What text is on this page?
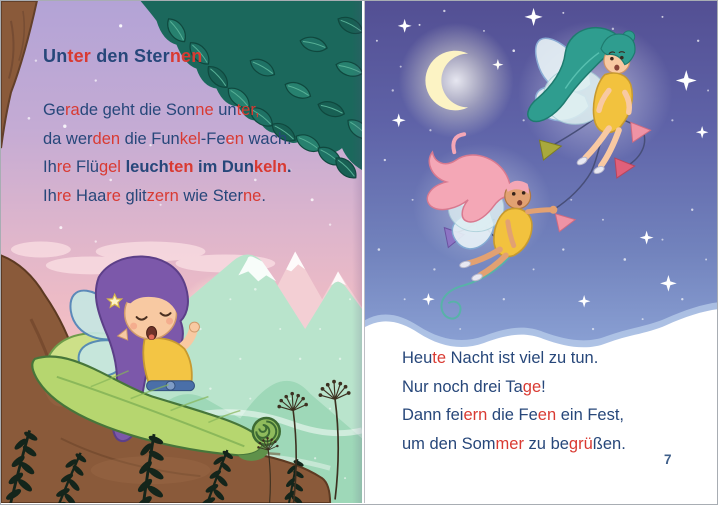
Unter den Sternen

Gerade geht die Sonne unter,

da werden die Funkel-Feen wach.

Ihre Flügel leuchten im Dunkeln.

Ihre Haare glitzern wie Sterne.

Heute Nacht ist viel zu tun.

Nur noch drei Tage!

Dann feiern die Feen ein Fest,

um den Sommer zu begrüßen.

7
